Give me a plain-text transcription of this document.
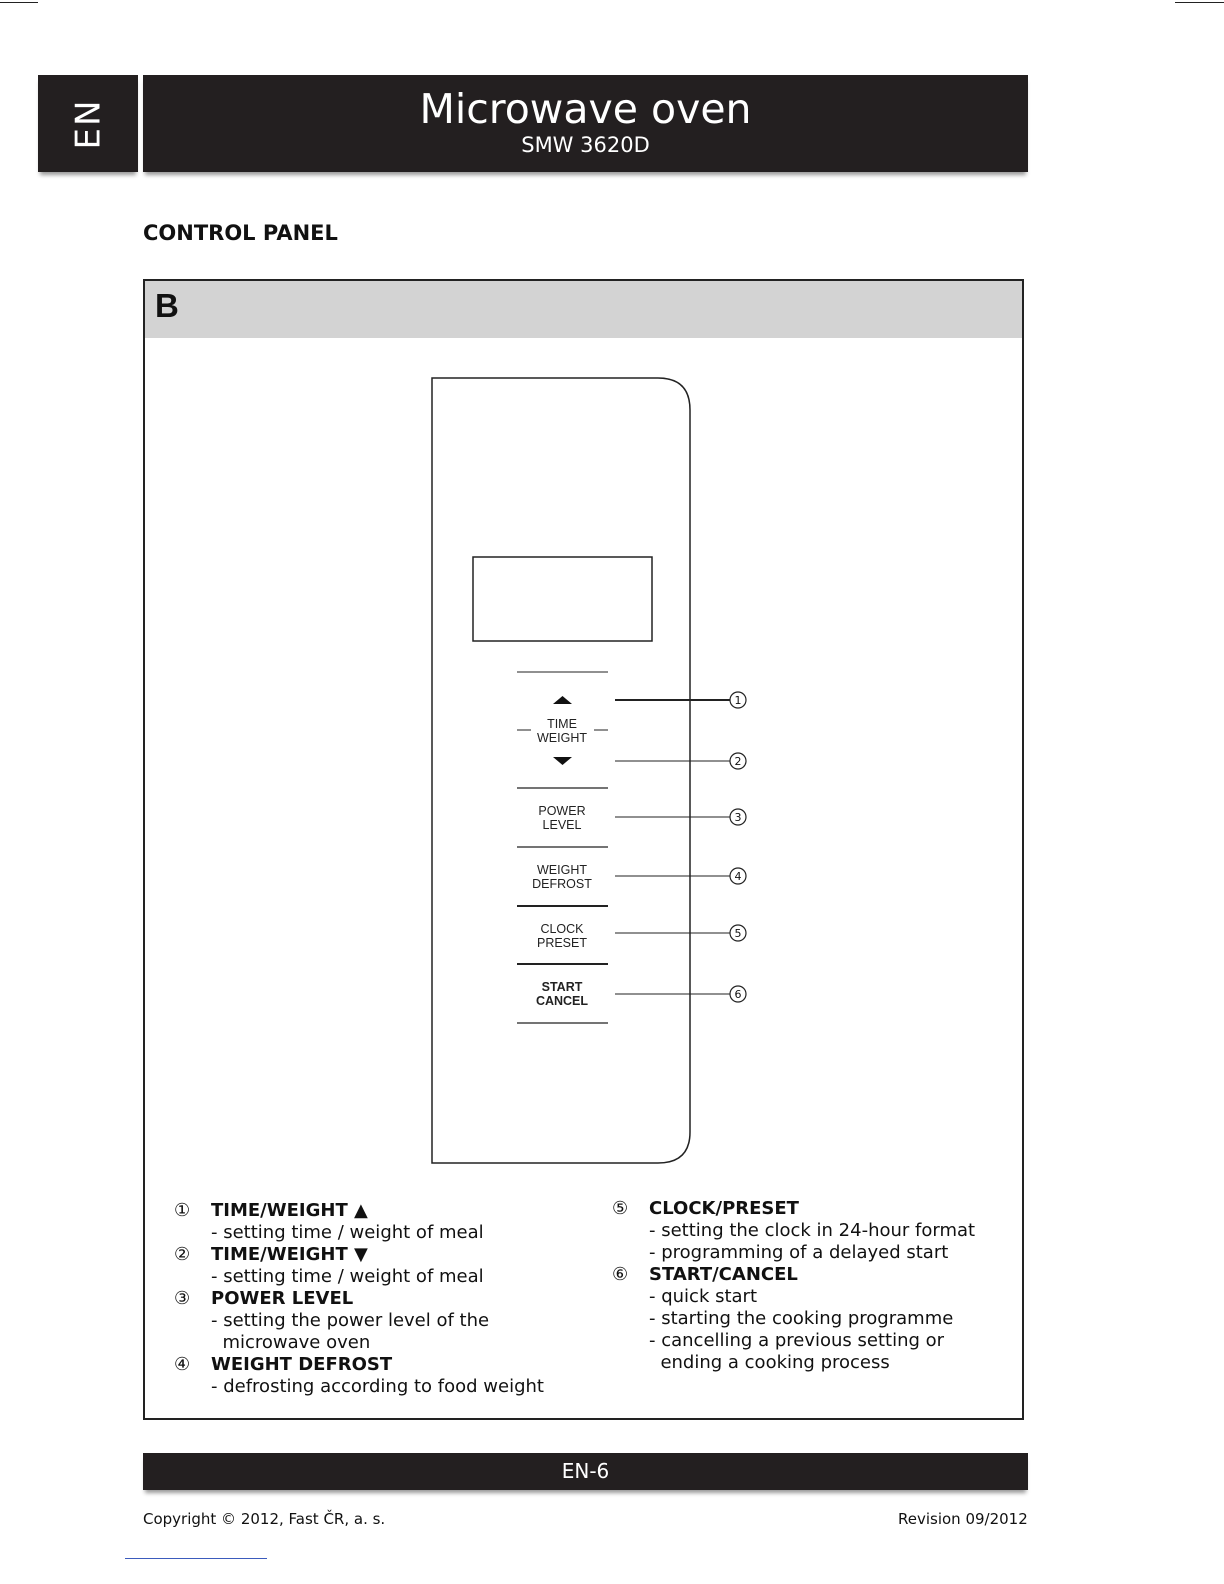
EN	Microwave oven
SMW 3620D
CONTROL PANEL
B
TIME
WEIGHT
POWER
LEVEL
WEIGHT
DEFROST
CLOCK
PRESET
START
CANCEL
1
2
3
4
5
6
① TIME/WEIGHT ▲
- setting time / weight of meal
② TIME/WEIGHT ▼
- setting time / weight of meal
③ POWER LEVEL
- setting the power level of the
microwave oven
④ WEIGHT DEFROST
- defrosting according to food weight
⑤ CLOCK/PRESET
- setting the clock in 24-hour format
- programming of a delayed start
⑥ START/CANCEL
- quick start
- starting the cooking programme
- cancelling a previous setting or
ending a cooking process
EN-6
Copyright © 2012, Fast ČR, a. s.	Revision 09/2012
